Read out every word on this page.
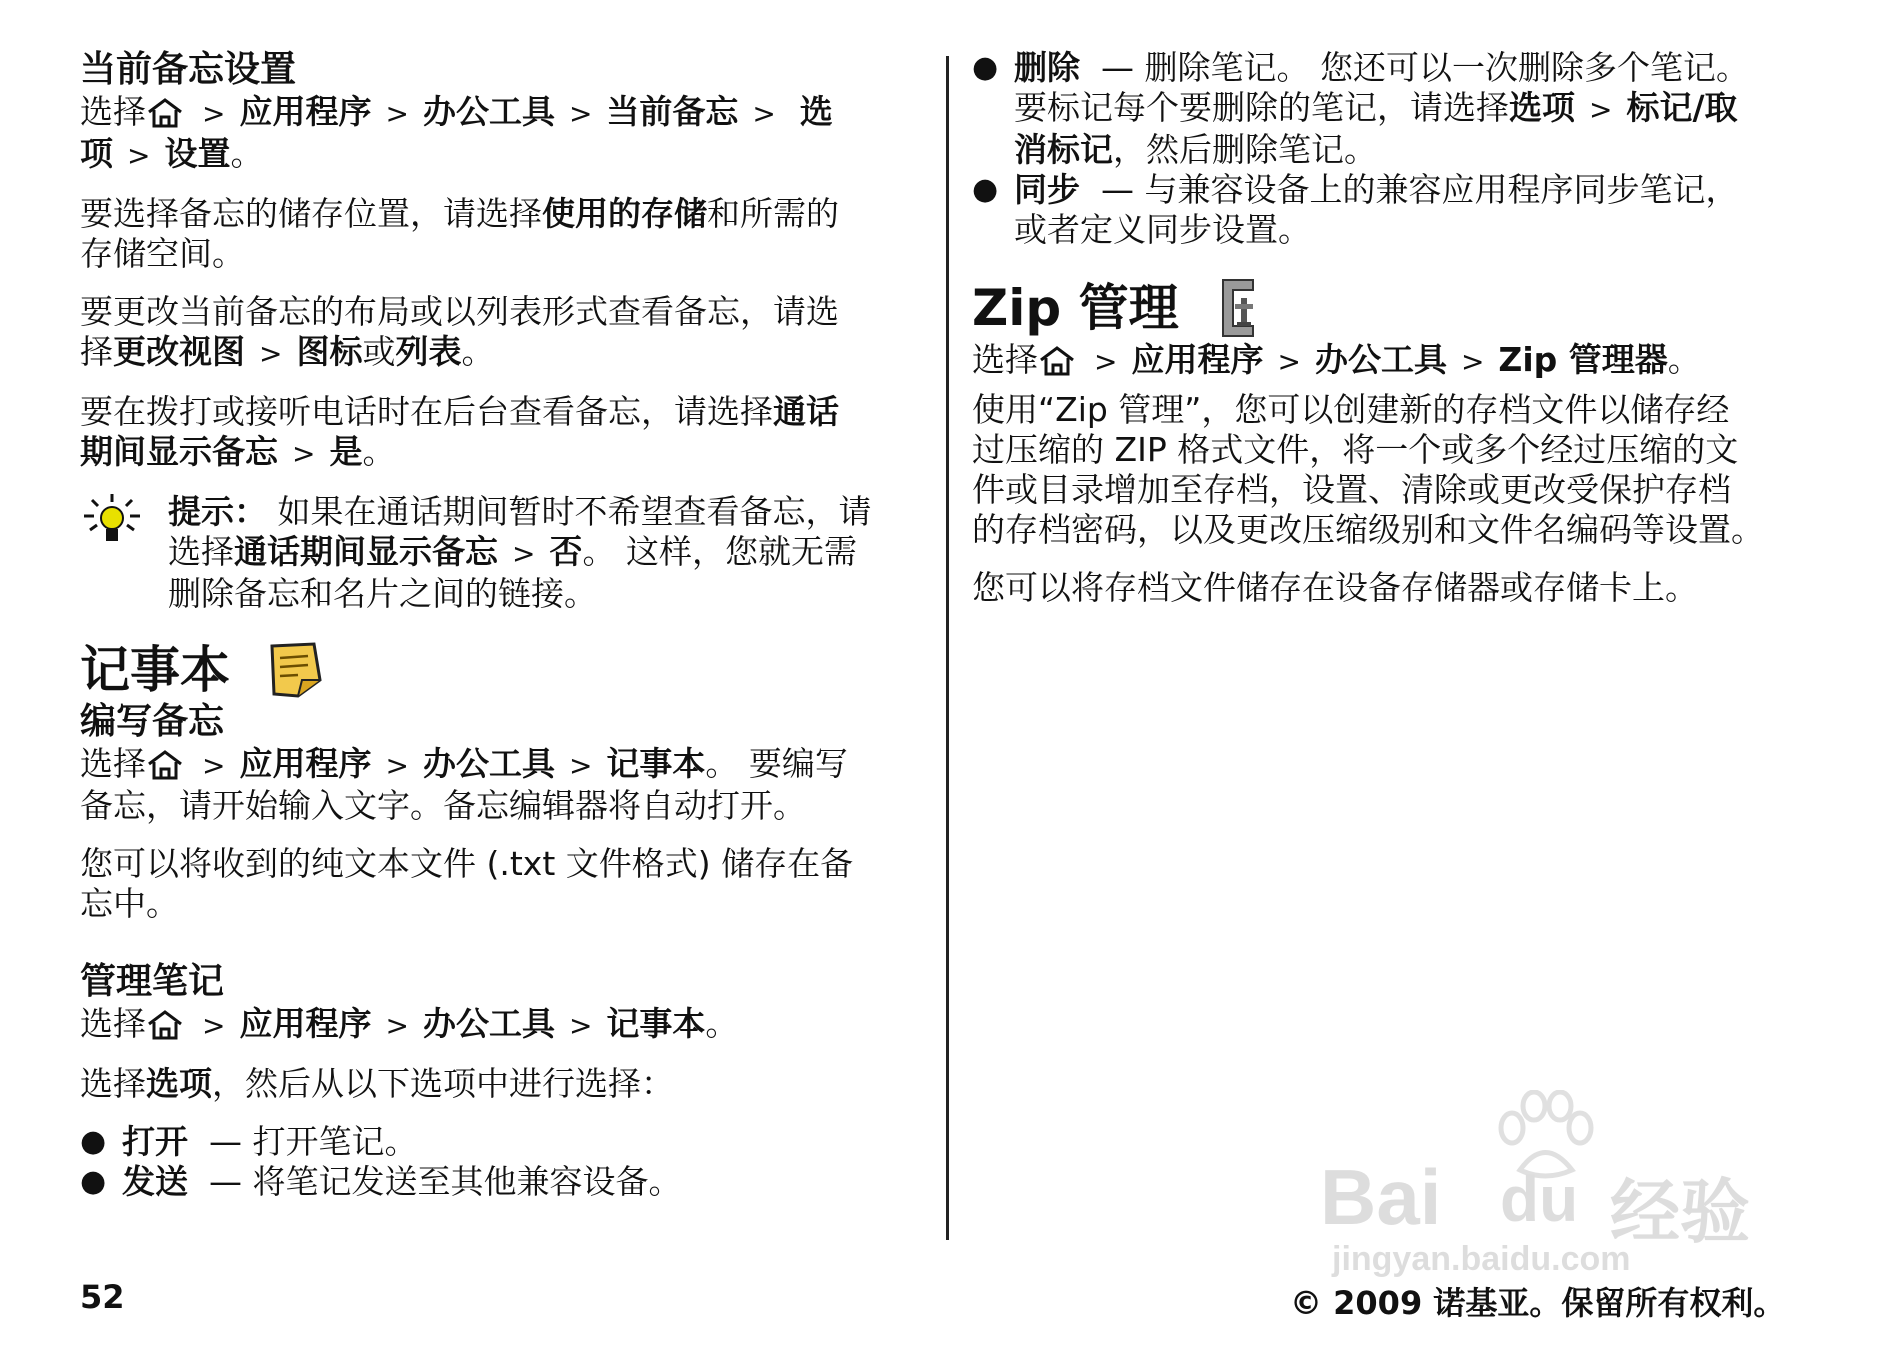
当前备忘设置
选择 > 应用程序 > 办公工具 > 当前备忘 > 选
项 > 设置。
要选择备忘的储存位置，请选择使用的存储和所需的
存储空间。
要更改当前备忘的布局或以列表形式查看备忘，请选
择更改视图 > 图标或列表。
要在拨打或接听电话时在后台查看备忘，请选择通话
期间显示备忘 > 是。
提示： 如果在通话期间暂时不希望查看备忘，请
选择通话期间显示备忘 > 否。 这样，您就无需
删除备忘和名片之间的链接。
记事本
编写备忘
选择 > 应用程序 > 办公工具 > 记事本。 要编写
备忘，请开始输入文字。备忘编辑器将自动打开。
您可以将收到的纯文本文件 (.txt 文件格式) 储存在备
忘中。
管理笔记
选择 > 应用程序 > 办公工具 > 记事本。
选择选项，然后从以下选项中进行选择：
● 打开 — 打开笔记。
● 发送 — 将笔记发送至其他兼容设备。
● 删除 — 删除笔记。 您还可以一次删除多个笔记。
要标记每个要删除的笔记，请选择选项 > 标记/取
消标记，然后删除笔记。
● 同步 — 与兼容设备上的兼容应用程序同步笔记，
或者定义同步设置。
Zip 管理
选择 > 应用程序 > 办公工具 > Zip 管理器。
使用“Zip 管理”，您可以创建新的存档文件以储存经
过压缩的 ZIP 格式文件，将一个或多个经过压缩的文
件或目录增加至存档，设置、清除或更改受保护存档
的存档密码，以及更改压缩级别和文件名编码等设置。
您可以将存档文件储存在设备存储器或存储卡上。
Bai du 经验
jingyan.baidu.com
52	© 2009 诺基亚。保留所有权利。
